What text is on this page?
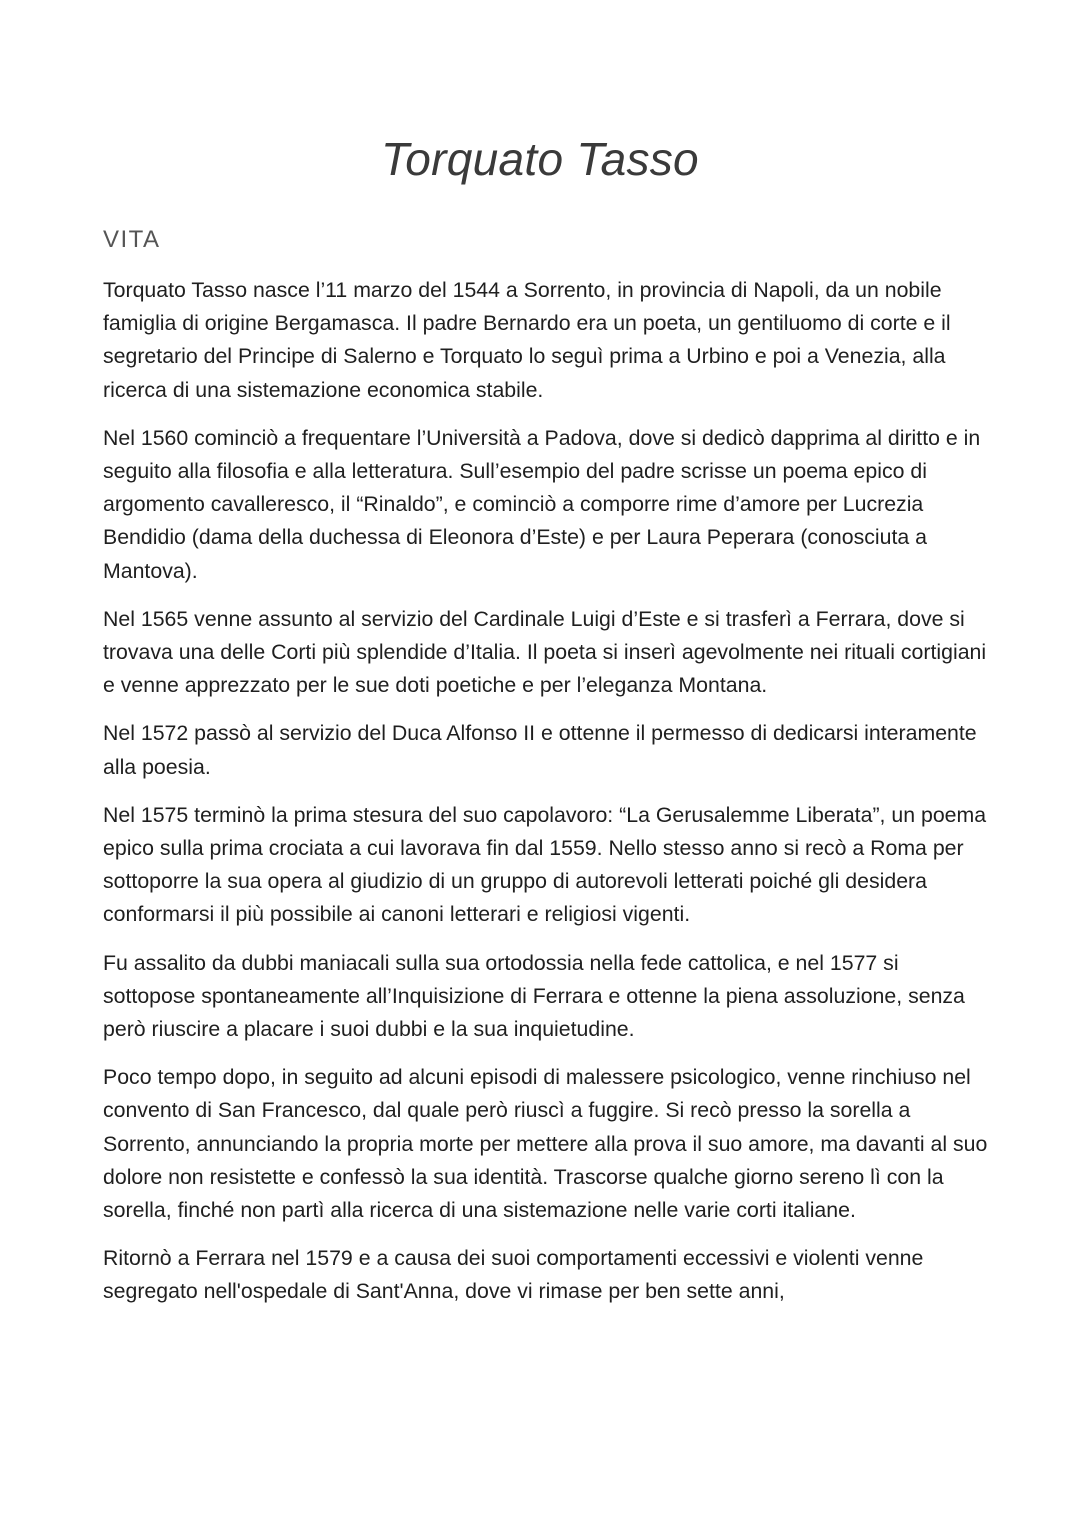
Torquato Tasso
VITA

Torquato Tasso nasce l’11 marzo del 1544 a Sorrento, in provincia di Napoli, da un nobile famiglia di origine Bergamasca. Il padre Bernardo era un poeta, un gentiluomo di corte e il segretario del Principe di Salerno e Torquato lo seguì prima a Urbino e poi a Venezia, alla ricerca di una sistemazione economica stabile.

Nel 1560 cominciò a frequentare l’Università a Padova, dove si dedicò dapprima al diritto e in seguito alla filosofia e alla letteratura. Sull’esempio del padre scrisse un poema epico di argomento cavalleresco, il “Rinaldo”, e cominciò a comporre rime d’amore per Lucrezia Bendidio (dama della duchessa di Eleonora d’Este) e per Laura Peperara (conosciuta a Mantova).

Nel 1565 venne assunto al servizio del Cardinale Luigi d’Este e si trasferì a Ferrara, dove si trovava una delle Corti più splendide d’Italia. Il poeta si inserì agevolmente nei rituali cortigiani e venne apprezzato per le sue doti poetiche e per l’eleganza Montana.

Nel 1572 passò al servizio del Duca Alfonso II e ottenne il permesso di dedicarsi interamente alla poesia.

Nel 1575 terminò la prima stesura del suo capolavoro: “La Gerusalemme Liberata”, un poema epico sulla prima crociata a cui lavorava fin dal 1559. Nello stesso anno si recò a Roma per sottoporre la sua opera al giudizio di un gruppo di autorevoli letterati poiché gli desidera conformarsi il più possibile ai canoni letterari e religiosi vigenti.

Fu assalito da dubbi maniacali sulla sua ortodossia nella fede cattolica, e nel 1577 si sottopose spontaneamente all’Inquisizione di Ferrara e ottenne la piena assoluzione, senza però riuscire a placare i suoi dubbi e la sua inquietudine.

Poco tempo dopo, in seguito ad alcuni episodi di malessere psicologico, venne rinchiuso nel convento di San Francesco, dal quale però riuscì a fuggire. Si recò presso la sorella a Sorrento, annunciando la propria morte per mettere alla prova il suo amore, ma davanti al suo dolore non resistette e confessò la sua identità. Trascorse qualche giorno sereno lì con la sorella, finché non partì alla ricerca di una sistemazione nelle varie corti italiane.

Ritornò a Ferrara nel 1579 e a causa dei suoi comportamenti eccessivi e violenti venne segregato nell'ospedale di Sant'Anna, dove vi rimase per ben sette anni,
